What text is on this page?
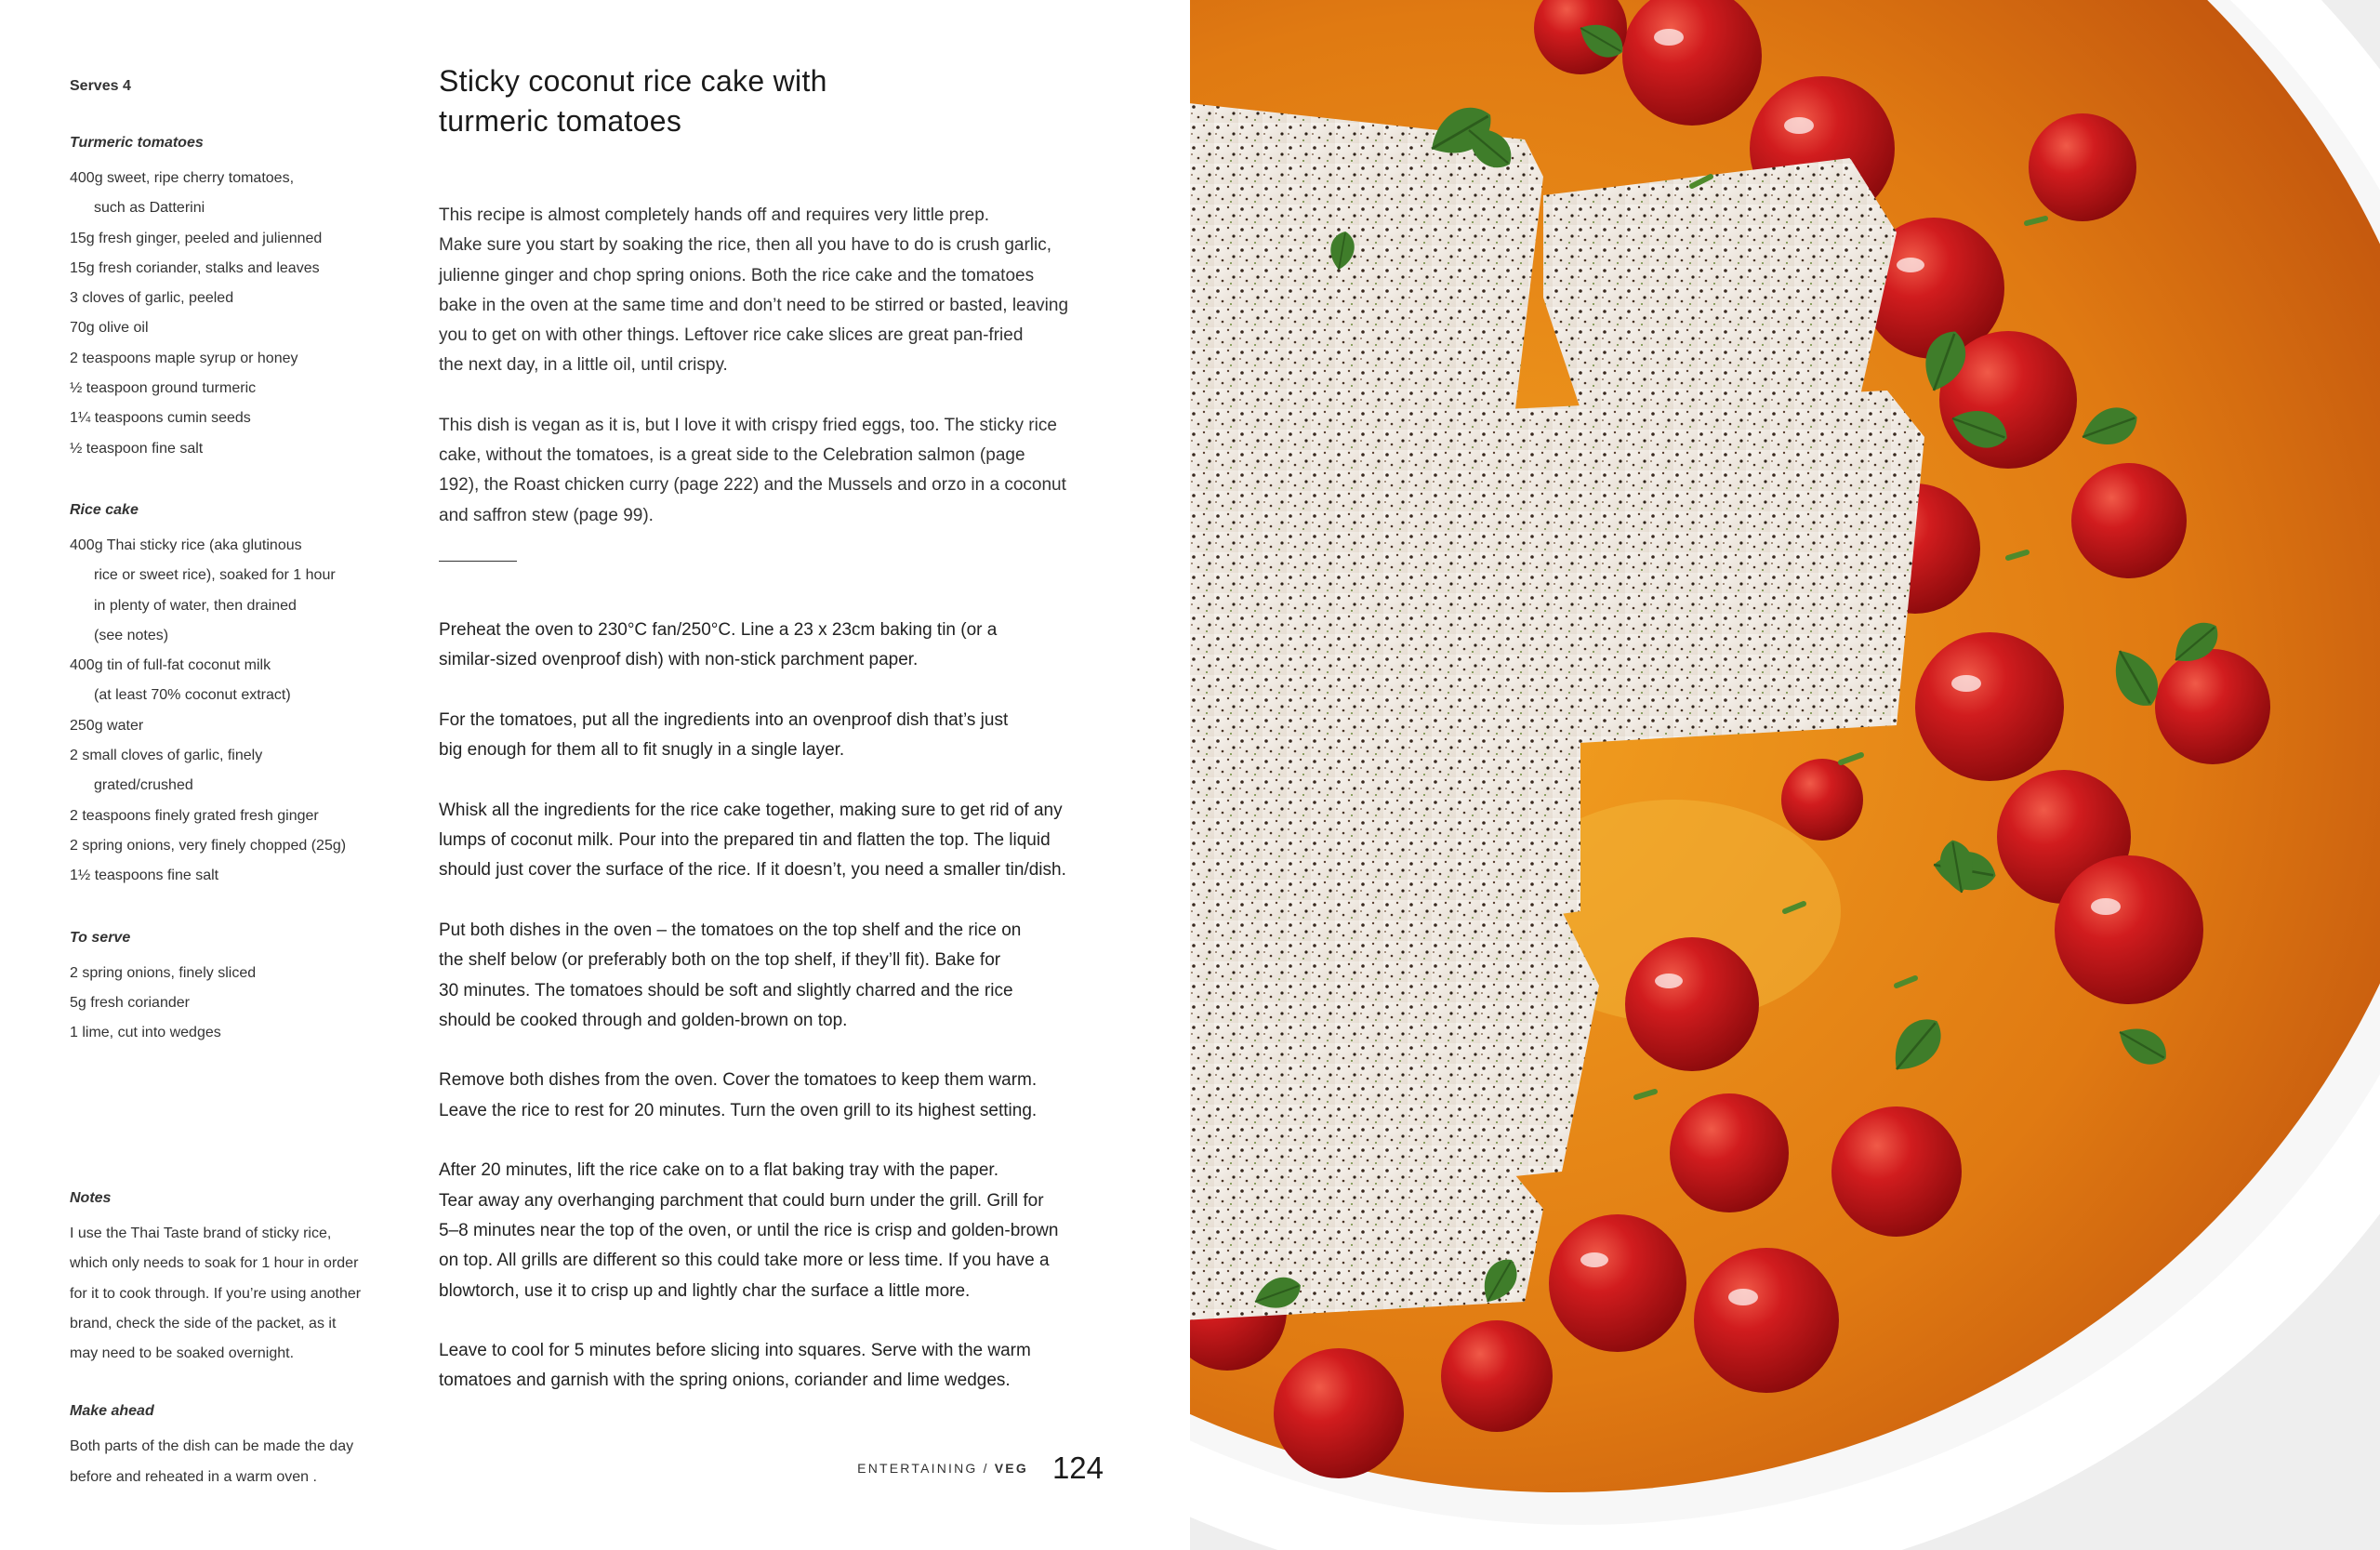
Serves 4

Turmeric tomatoes
400g sweet, ripe cherry tomatoes,
such as Datterini
15g fresh ginger, peeled and julienned
15g fresh coriander, stalks and leaves
3 cloves of garlic, peeled
70g olive oil
2 teaspoons maple syrup or honey
½ teaspoon ground turmeric
1¼ teaspoons cumin seeds
½ teaspoon fine salt
Rice cake
400g Thai sticky rice (aka glutinous
rice or sweet rice), soaked for 1 hour
in plenty of water, then drained
(see notes)
400g tin of full-fat coconut milk
(at least 70% coconut extract)
250g water
2 small cloves of garlic, finely
grated/crushed
2 teaspoons finely grated fresh ginger
2 spring onions, very finely chopped (25g)
1½ teaspoons fine salt
To serve
2 spring onions, finely sliced
5g fresh coriander
1 lime, cut into wedges
Notes
I use the Thai Taste brand of sticky rice,
which only needs to soak for 1 hour in order
for it to cook through. If you’re using another
brand, check the side of the packet, as it
may need to be soaked overnight.
Make ahead
Both parts of the dish can be made the day
before and reheated in a warm oven .
Sticky coconut rice cake with
turmeric tomatoes

This recipe is almost completely hands off and requires very little prep.
Make sure you start by soaking the rice, then all you have to do is crush garlic,
julienne ginger and chop spring onions. Both the rice cake and the tomatoes
bake in the oven at the same time and don’t need to be stirred or basted, leaving
you to get on with other things. Leftover rice cake slices are great pan-fried
the next day, in a little oil, until crispy.

This dish is vegan as it is, but I love it with crispy fried eggs, too. The sticky rice
cake, without the tomatoes, is a great side to the Celebration salmon (page
192), the Roast chicken curry (page 222) and the Mussels and orzo in a coconut
and saffron stew (page 99).

Preheat the oven to 230°C fan/250°C. Line a 23 x 23cm baking tin (or a
similar-sized ovenproof dish) with non-stick parchment paper.

For the tomatoes, put all the ingredients into an ovenproof dish that’s just
big enough for them all to fit snugly in a single layer.

Whisk all the ingredients for the rice cake together, making sure to get rid of any
lumps of coconut milk. Pour into the prepared tin and flatten the top. The liquid
should just cover the surface of the rice. If it doesn’t, you need a smaller tin/dish.

Put both dishes in the oven – the tomatoes on the top shelf and the rice on
the shelf below (or preferably both on the top shelf, if they’ll fit). Bake for
30 minutes. The tomatoes should be soft and slightly charred and the rice
should be cooked through and golden-brown on top.

Remove both dishes from the oven. Cover the tomatoes to keep them warm.
Leave the rice to rest for 20 minutes. Turn the oven grill to its highest setting.

After 20 minutes, lift the rice cake on to a flat baking tray with the paper.
Tear away any overhanging parchment that could burn under the grill. Grill for
5–8 minutes near the top of the oven, or until the rice is crisp and golden-brown
on top. All grills are different so this could take more or less time. If you have a
blowtorch, use it to crisp up and lightly char the surface a little more.

Leave to cool for 5 minutes before slicing into squares. Serve with the warm
tomatoes and garnish with the spring onions, coriander and lime wedges.

ENTERTAINING / VEG 124
